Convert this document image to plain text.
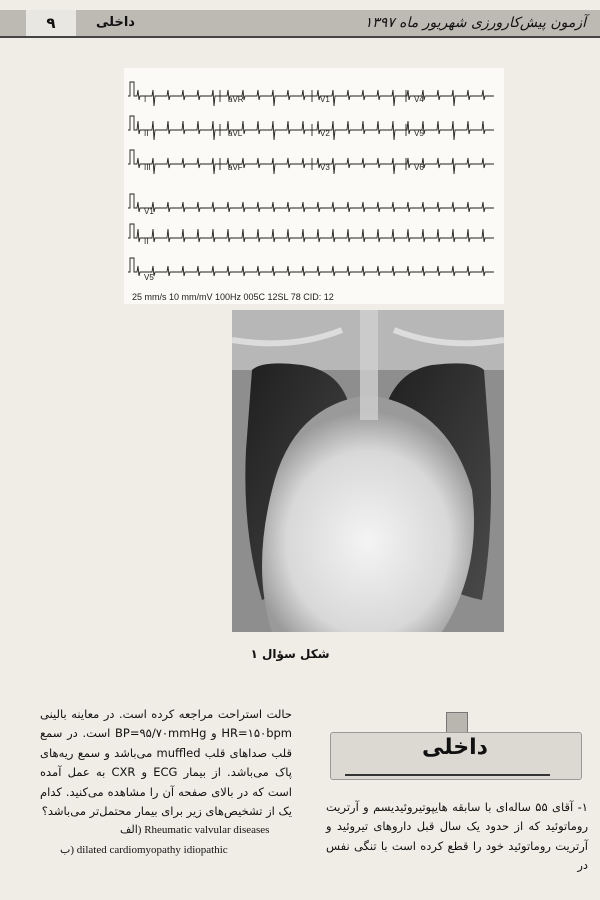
۹	داخلی	آزمون پیش‌کارورزی شهریور ماه ۱۳۹۷
I	aVR	V1	V4
II	aVL	V2	V5
III	aVF	V3	V6
V1
II
V5
25 mm/s 10 mm/mV 100Hz 005C 12SL 78 CID: 12
شکل سؤال ۱
حالت استراحت مراجعه کرده است. در معاینه بالینی HR=۱۵۰bpm و BP=۹۵/۷۰mmHg است. در سمع قلب صداهای قلب muffled می‌باشد و سمع ریه‌های پاک می‌باشد. از بیمار ECG و CXR به عمل آمده است که در بالای صفحه آن را مشاهده می‌کنید. کدام یک از تشخیص‌های زیر برای بیمار محتمل‌تر می‌باشد؟
الف) Rheumatic valvular diseases
ب) dilated cardiomyopathy idiopathic
داخلی
۱- آقای ۵۵ ساله‌ای با سابقه هایپوتیروئیدیسم و آرتریت روماتوئید که از حدود یک سال قبل داروهای تیروئید و آرتریت روماتوئید خود را قطع کرده است با تنگی نفس در
